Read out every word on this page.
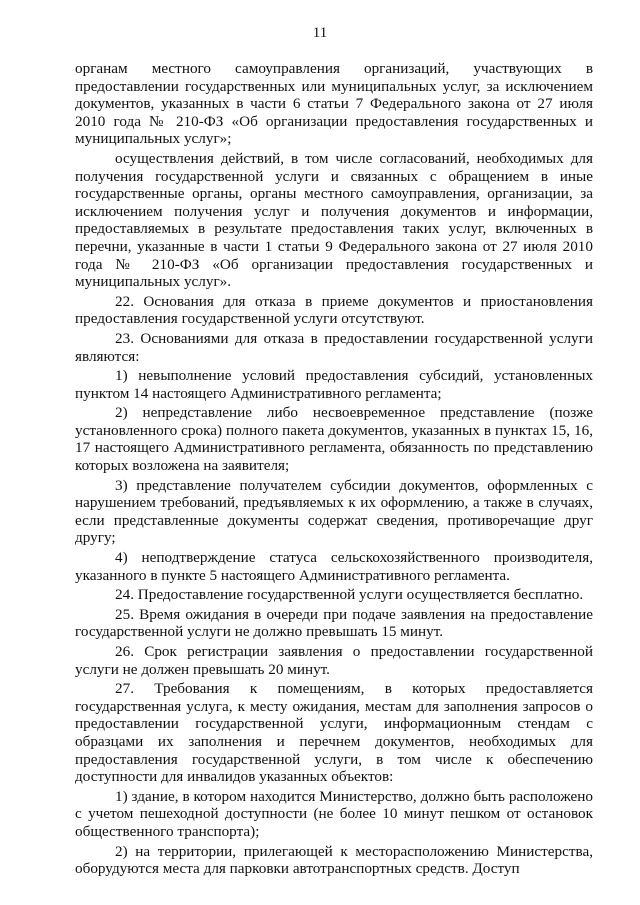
11

органам местного самоуправления организаций, участвующих в предоставлении государственных или муниципальных услуг, за исключением документов, указанных в части 6 статьи 7 Федерального закона от 27 июля 2010 года № 210-ФЗ «Об организации предоставления государственных и муниципальных услуг»;

осуществления действий, в том числе согласований, необходимых для получения государственной услуги и связанных с обращением в иные государственные органы, органы местного самоуправления, организации, за исключением получения услуг и получения документов и информации, предоставляемых в результате предоставления таких услуг, включенных в перечни, указанные в части 1 статьи 9 Федерального закона от 27 июля 2010 года № 210-ФЗ «Об организации предоставления государственных и муниципальных услуг».

22. Основания для отказа в приеме документов и приостановления предоставления государственной услуги отсутствуют.

23. Основаниями для отказа в предоставлении государственной услуги являются:

1) невыполнение условий предоставления субсидий, установленных пунктом 14 настоящего Административного регламента;

2) непредставление либо несвоевременное представление (позже установленного срока) полного пакета документов, указанных в пунктах 15, 16, 17 настоящего Административного регламента, обязанность по представлению которых возложена на заявителя;

3) представление получателем субсидии документов, оформленных с нарушением требований, предъявляемых к их оформлению, а также в случаях, если представленные документы содержат сведения, противоречащие друг другу;

4) неподтверждение статуса сельскохозяйственного производителя, указанного в пункте 5 настоящего Административного регламента.

24. Предоставление государственной услуги осуществляется бесплатно.

25. Время ожидания в очереди при подаче заявления на предоставление государственной услуги не должно превышать 15 минут.

26. Срок регистрации заявления о предоставлении государственной услуги не должен превышать 20 минут.

27. Требования к помещениям, в которых предоставляется государственная услуга, к месту ожидания, местам для заполнения запросов о предоставлении государственной услуги, информационным стендам с образцами их заполнения и перечнем документов, необходимых для предоставления государственной услуги, в том числе к обеспечению доступности для инвалидов указанных объектов:

1) здание, в котором находится Министерство, должно быть расположено с учетом пешеходной доступности (не более 10 минут пешком от остановок общественного транспорта);

2) на территории, прилегающей к месторасположению Министерства, оборудуются места для парковки автотранспортных средств. Доступ
